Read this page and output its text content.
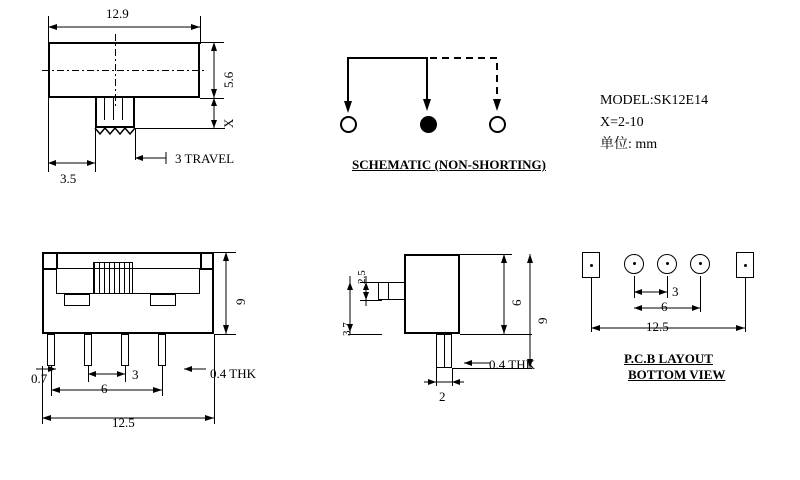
12.9
5.6
X
3.5
3 TRAVEL	SCHEMATIC (NON-SHORTING)
MODEL:SK12E14
X=2-10
单位: mm
9
0.7	3	0.4 THK
6
12.5
2.5
3.7
6
9
0.4 THK
2
3
6
12.5
P.C.B LAYOUT
BOTTOM VIEW
